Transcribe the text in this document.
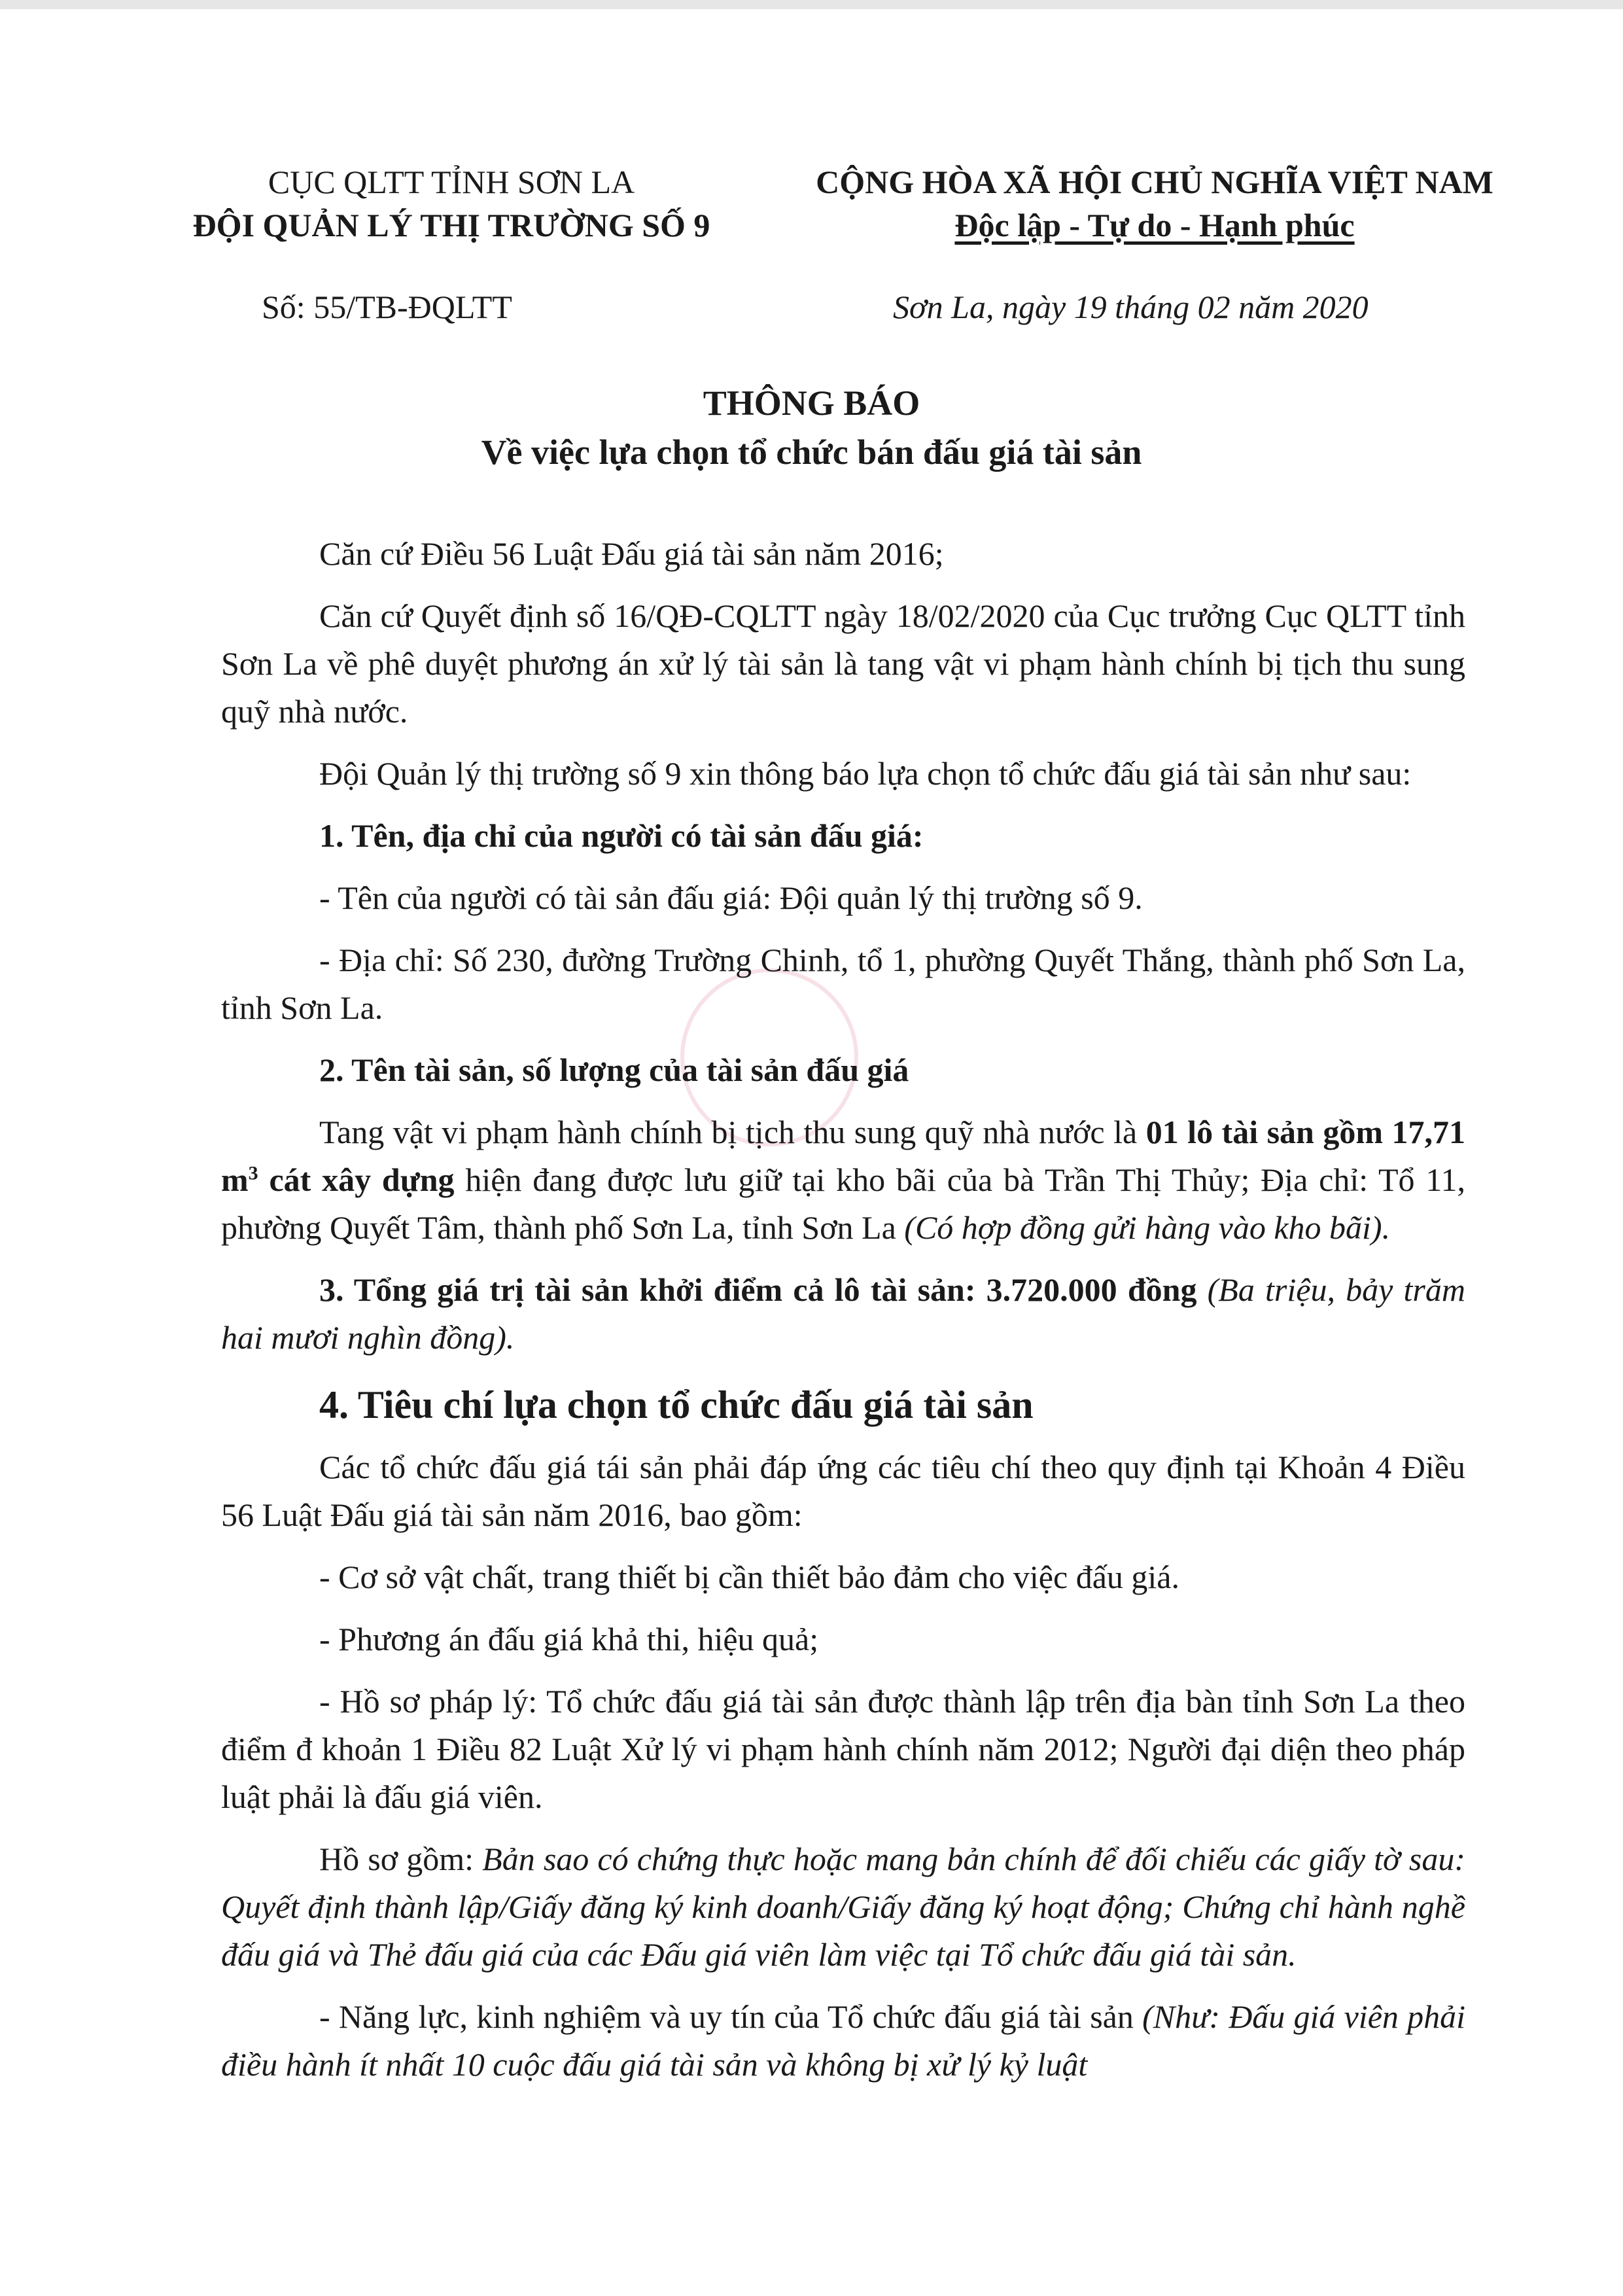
CỤC QLTT TỈNH SƠN LA
ĐỘI QUẢN LÝ THỊ TRƯỜNG SỐ 9
CỘNG HÒA XÃ HỘI CHỦ NGHĨA VIỆT NAM
Độc lập - Tự do - Hạnh phúc
Số: 55/TB-ĐQLTT	Sơn La, ngày 19 tháng 02 năm 2020
THÔNG BÁO
Về việc lựa chọn tổ chức bán đấu giá tài sản

Căn cứ Điều 56 Luật Đấu giá tài sản năm 2016;

Căn cứ Quyết định số 16/QĐ-CQLTT ngày 18/02/2020 của Cục trưởng Cục QLTT tỉnh Sơn La về phê duyệt phương án xử lý tài sản là tang vật vi phạm hành chính bị tịch thu sung quỹ nhà nước.

Đội Quản lý thị trường số 9 xin thông báo lựa chọn tổ chức đấu giá tài sản như sau:

1. Tên, địa chỉ của người có tài sản đấu giá:

- Tên của người có tài sản đấu giá: Đội quản lý thị trường số 9.

- Địa chỉ: Số 230, đường Trường Chinh, tổ 1, phường Quyết Thắng, thành phố Sơn La, tỉnh Sơn La.

2. Tên tài sản, số lượng của tài sản đấu giá

Tang vật vi phạm hành chính bị tịch thu sung quỹ nhà nước là 01 lô tài sản gồm 17,71 $m^3$ cát xây dựng hiện đang được lưu giữ tại kho bãi của bà Trần Thị Thủy; Địa chỉ: Tổ 11, phường Quyết Tâm, thành phố Sơn La, tỉnh Sơn La (Có hợp đồng gửi hàng vào kho bãi).

3. Tổng giá trị tài sản khởi điểm cả lô tài sản: 3.720.000 đồng (Ba triệu, bảy trăm hai mươi nghìn đồng).

4. Tiêu chí lựa chọn tổ chức đấu giá tài sản

Các tổ chức đấu giá tái sản phải đáp ứng các tiêu chí theo quy định tại Khoản 4 Điều 56 Luật Đấu giá tài sản năm 2016, bao gồm:

- Cơ sở vật chất, trang thiết bị cần thiết bảo đảm cho việc đấu giá.

- Phương án đấu giá khả thi, hiệu quả;

- Hồ sơ pháp lý: Tổ chức đấu giá tài sản được thành lập trên địa bàn tỉnh Sơn La theo điểm đ khoản 1 Điều 82 Luật Xử lý vi phạm hành chính năm 2012; Người đại diện theo pháp luật phải là đấu giá viên.

Hồ sơ gồm: Bản sao có chứng thực hoặc mang bản chính để đối chiếu các giấy tờ sau: Quyết định thành lập/Giấy đăng ký kinh doanh/Giấy đăng ký hoạt động; Chứng chỉ hành nghề đấu giá và Thẻ đấu giá của các Đấu giá viên làm việc tại Tổ chức đấu giá tài sản.

- Năng lực, kinh nghiệm và uy tín của Tổ chức đấu giá tài sản (Như: Đấu giá viên phải điều hành ít nhất 10 cuộc đấu giá tài sản và không bị xử lý kỷ luật
